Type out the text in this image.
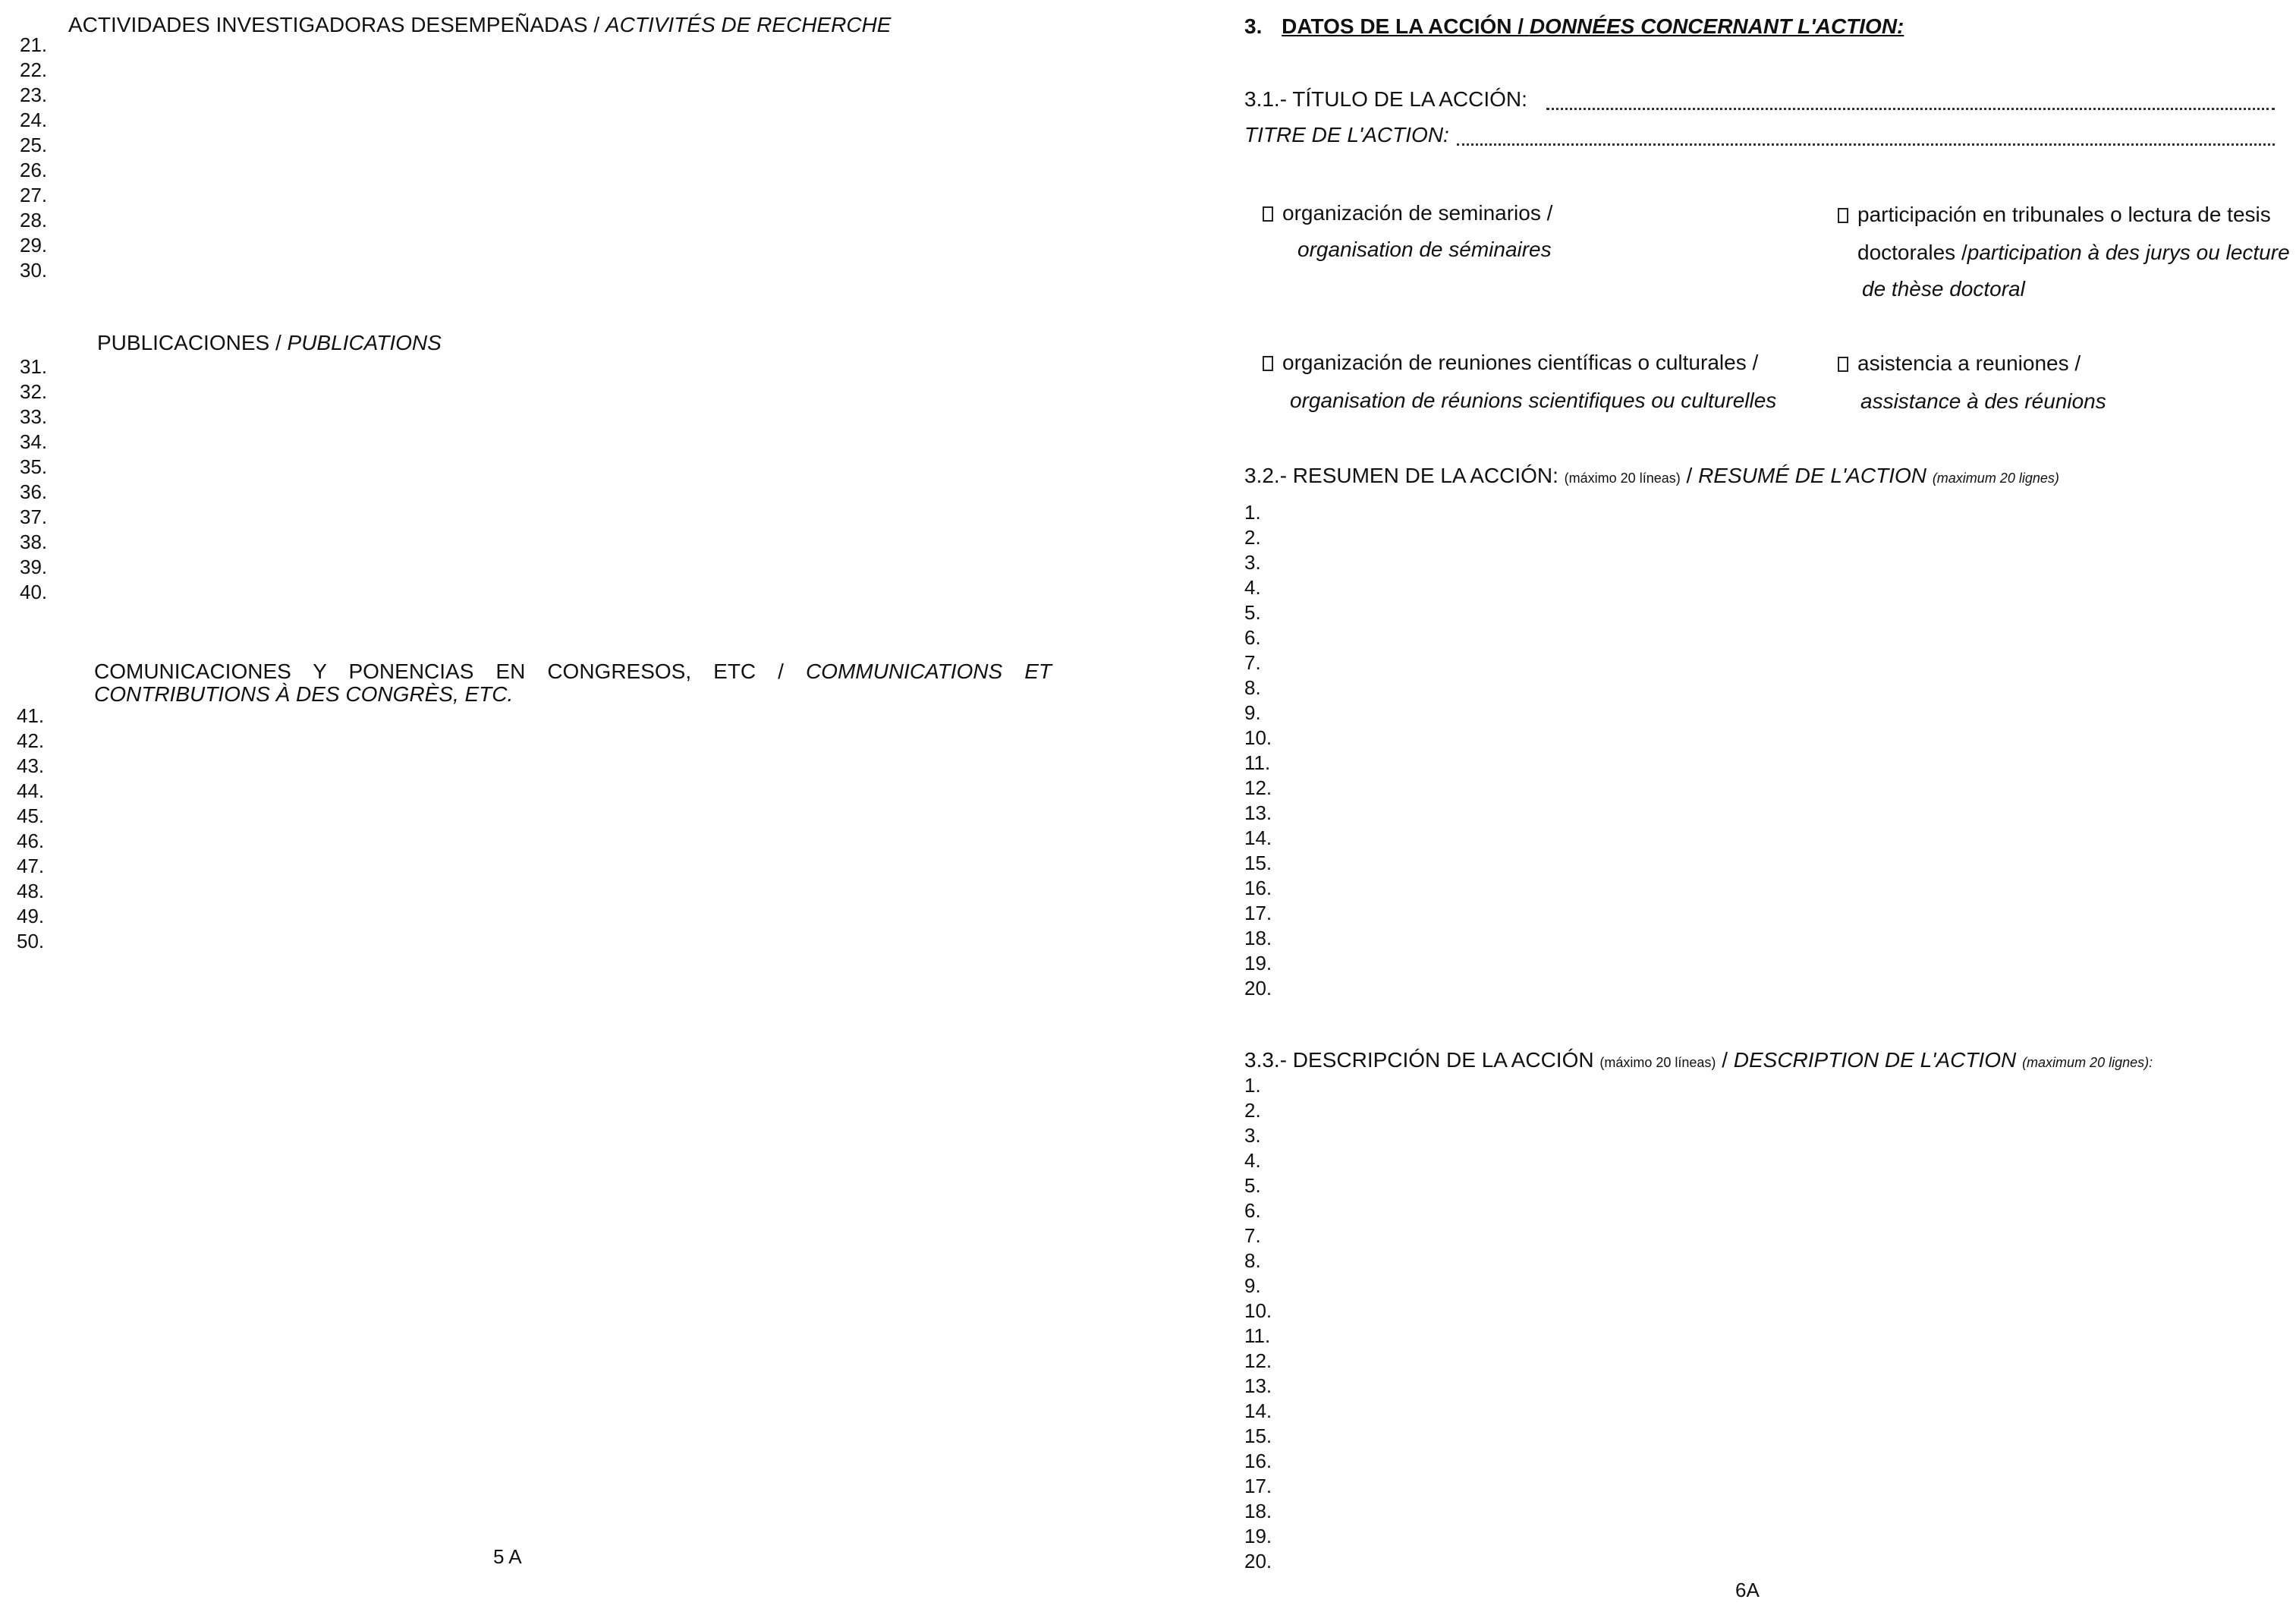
ACTIVIDADES INVESTIGADORAS DESEMPEÑADAS / ACTIVITÉS DE RECHERCHE
21.
22.
23.
24.
25.
26.
27.
28.
29.
30.
PUBLICACIONES / PUBLICATIONS
31.
32.
33.
34.
35.
36.
37.
38.
39.
40.
COMUNICACIONES Y PONENCIAS EN CONGRESOS, ETC / COMMUNICATIONS ET
CONTRIBUTIONS À DES CONGRÈS, ETC.
41.
42.
43.
44.
45.
46.
47.
48.
49.
50.
5 A
3. DATOS DE LA ACCIÓN / DONNÉES CONCERNANT L'ACTION:
3.1.- TÍTULO DE LA ACCIÓN:
TITRE DE L'ACTION:
organización de seminarios /
organisation de séminaires
participación en tribunales o lectura de tesis
doctorales /participation à des jurys ou lecture
de thèse doctoral
organización de reuniones científicas o culturales /
organisation de réunions scientifiques ou culturelles
asistencia a reuniones /
assistance à des réunions
3.2.- RESUMEN DE LA ACCIÓN: (máximo 20 líneas) / RESUMÉ DE L'ACTION (maximum 20 lignes)
1.
2.
3.
4.
5.
6.
7.
8.
9.
10.
11.
12.
13.
14.
15.
16.
17.
18.
19.
20.
3.3.- DESCRIPCIÓN DE LA ACCIÓN (máximo 20 líneas) / DESCRIPTION DE L'ACTION (maximum 20 lignes):
1.
2.
3.
4.
5.
6.
7.
8.
9.
10.
11.
12.
13.
14.
15.
16.
17.
18.
19.
20.
6A
